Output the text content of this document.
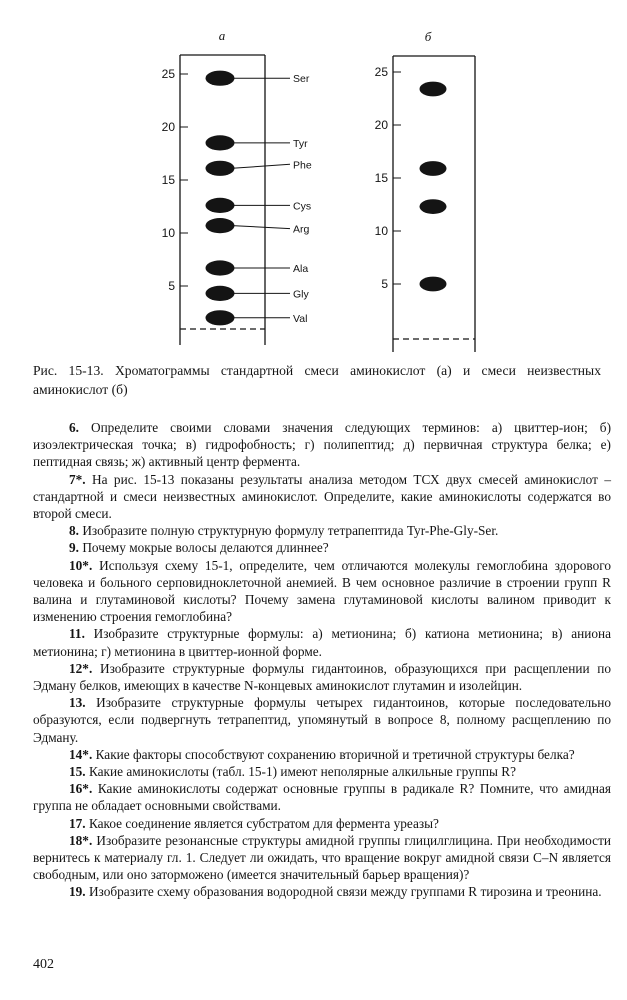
а	б
25
20
15
10
5
25
20
15
10
5
Ser
Tyr
Phe
Cys
Arg
Ala
Gly
Val

Рис. 15-13. Хроматограммы стандартной смеси аминокислот (а) и смеси неизвестных аминокислот (б)

6. Определите своими словами значения следующих терминов: а) цвиттер-ион; б) изоэлектрическая точка; в) гидрофобность; г) полипептид; д) первичная структура белка; е) пептидная связь; ж) активный центр фермента.

7*. На рис. 15-13 показаны результаты анализа методом ТСХ двух смесей аминокислот – стандартной и смеси неизвестных аминокислот. Определите, какие аминокислоты содержатся во второй смеси.

8. Изобразите полную структурную формулу тетрапептида Tyr-Phe-Gly-Ser.

9. Почему мокрые волосы делаются длиннее?

10*. Используя схему 15-1, определите, чем отличаются молекулы гемоглобина здорового человека и больного серповидноклеточной анемией. В чем основное различие в строении групп R валина и глутаминовой кислоты? Почему замена глутаминовой кислоты валином приводит к изменению строения гемоглобина?

11. Изобразите структурные формулы: а) метионина; б) катиона метионина; в) аниона метионина; г) метионина в цвиттер-ионной форме.

12*. Изобразите структурные формулы гидантоинов, образующихся при расщеплении по Эдману белков, имеющих в качестве N-концевых аминокислот глутамин и изолейцин.

13. Изобразите структурные формулы четырех гидантоинов, которые последовательно образуются, если подвергнуть тетрапептид, упомянутый в вопросе 8, полному расщеплению по Эдману.

14*. Какие факторы способствуют сохранению вторичной и третичной структуры белка?

15. Какие аминокислоты (табл. 15-1) имеют неполярные алкильные группы R?

16*. Какие аминокислоты содержат основные группы в радикале R? Помните, что амидная группа не обладает основными свойствами.

17. Какое соединение является субстратом для фермента уреазы?

18*. Изобразите резонансные структуры амидной группы глицилглицина. При необходимости вернитесь к материалу гл. 1. Следует ли ожидать, что вращение вокруг амидной связи C–N является свободным, или оно заторможено (имеется значительный барьер вращения)?

19. Изобразите схему образования водородной связи между группами R тирозина и треонина.

402
